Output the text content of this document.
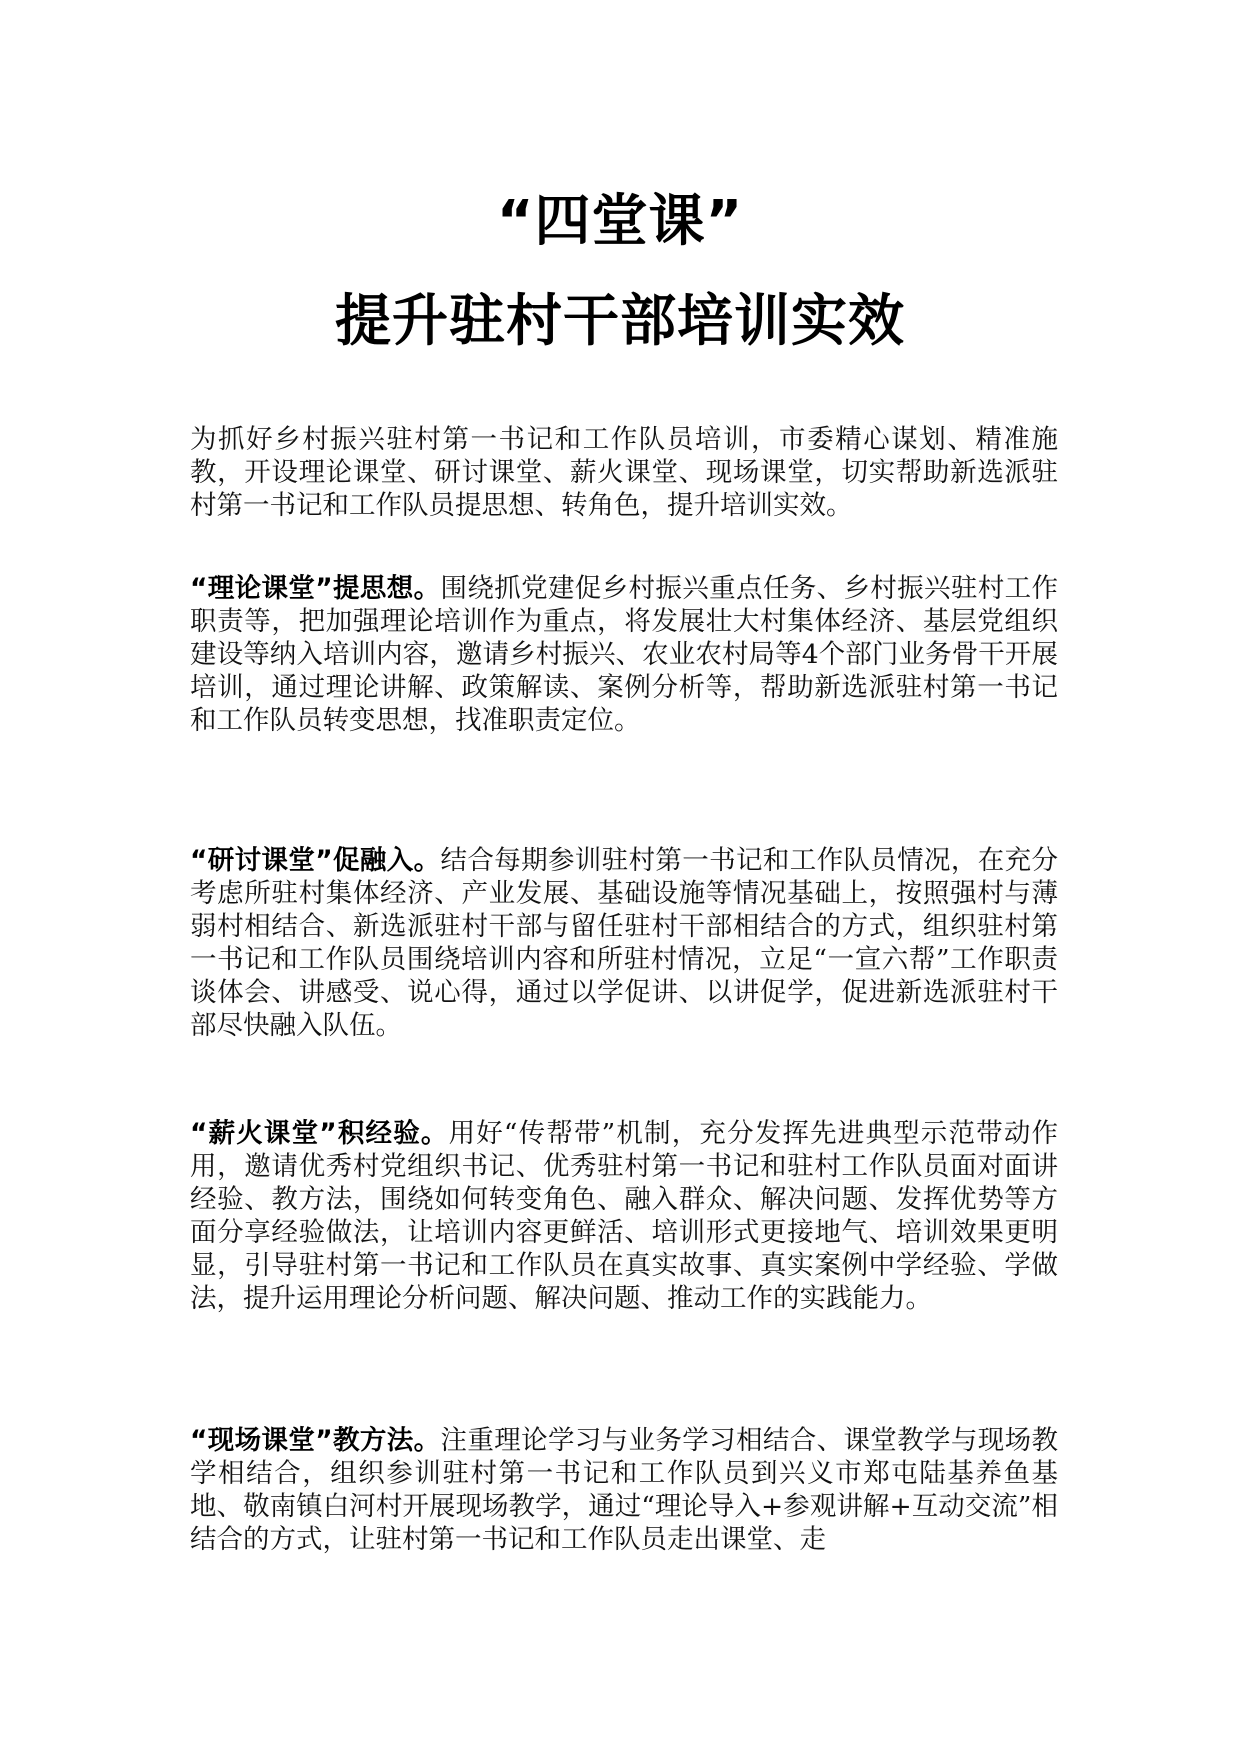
“四堂课”
提升驻村干部培训实效

为抓好乡村振兴驻村第一书记和工作队员培训，市委精心谋划、精准施教，开设理论课堂、研讨课堂、薪火课堂、现场课堂，切实帮助新选派驻村第一书记和工作队员提思想、转角色，提升培训实效。

“理论课堂”提思想。围绕抓党建促乡村振兴重点任务、乡村振兴驻村工作职责等，把加强理论培训作为重点，将发展壮大村集体经济、基层党组织建设等纳入培训内容，邀请乡村振兴、农业农村局等4个部门业务骨干开展培训，通过理论讲解、政策解读、案例分析等，帮助新选派驻村第一书记和工作队员转变思想，找准职责定位。

“研讨课堂”促融入。结合每期参训驻村第一书记和工作队员情况，在充分考虑所驻村集体经济、产业发展、基础设施等情况基础上，按照强村与薄弱村相结合、新选派驻村干部与留任驻村干部相结合的方式，组织驻村第一书记和工作队员围绕培训内容和所驻村情况，立足“一宣六帮”工作职责谈体会、讲感受、说心得，通过以学促讲、以讲促学，促进新选派驻村干部尽快融入队伍。

“薪火课堂”积经验。用好“传帮带”机制，充分发挥先进典型示范带动作用，邀请优秀村党组织书记、优秀驻村第一书记和驻村工作队员面对面讲经验、教方法，围绕如何转变角色、融入群众、解决问题、发挥优势等方面分享经验做法，让培训内容更鲜活、培训形式更接地气、培训效果更明显，引导驻村第一书记和工作队员在真实故事、真实案例中学经验、学做法，提升运用理论分析问题、解决问题、推动工作的实践能力。

“现场课堂”教方法。注重理论学习与业务学习相结合、课堂教学与现场教学相结合，组织参训驻村第一书记和工作队员到兴义市郑屯陆基养鱼基地、敬南镇白河村开展现场教学，通过“理论导入+参观讲解+互动交流”相结合的方式，让驻村第一书记和工作队员走出课堂、走
